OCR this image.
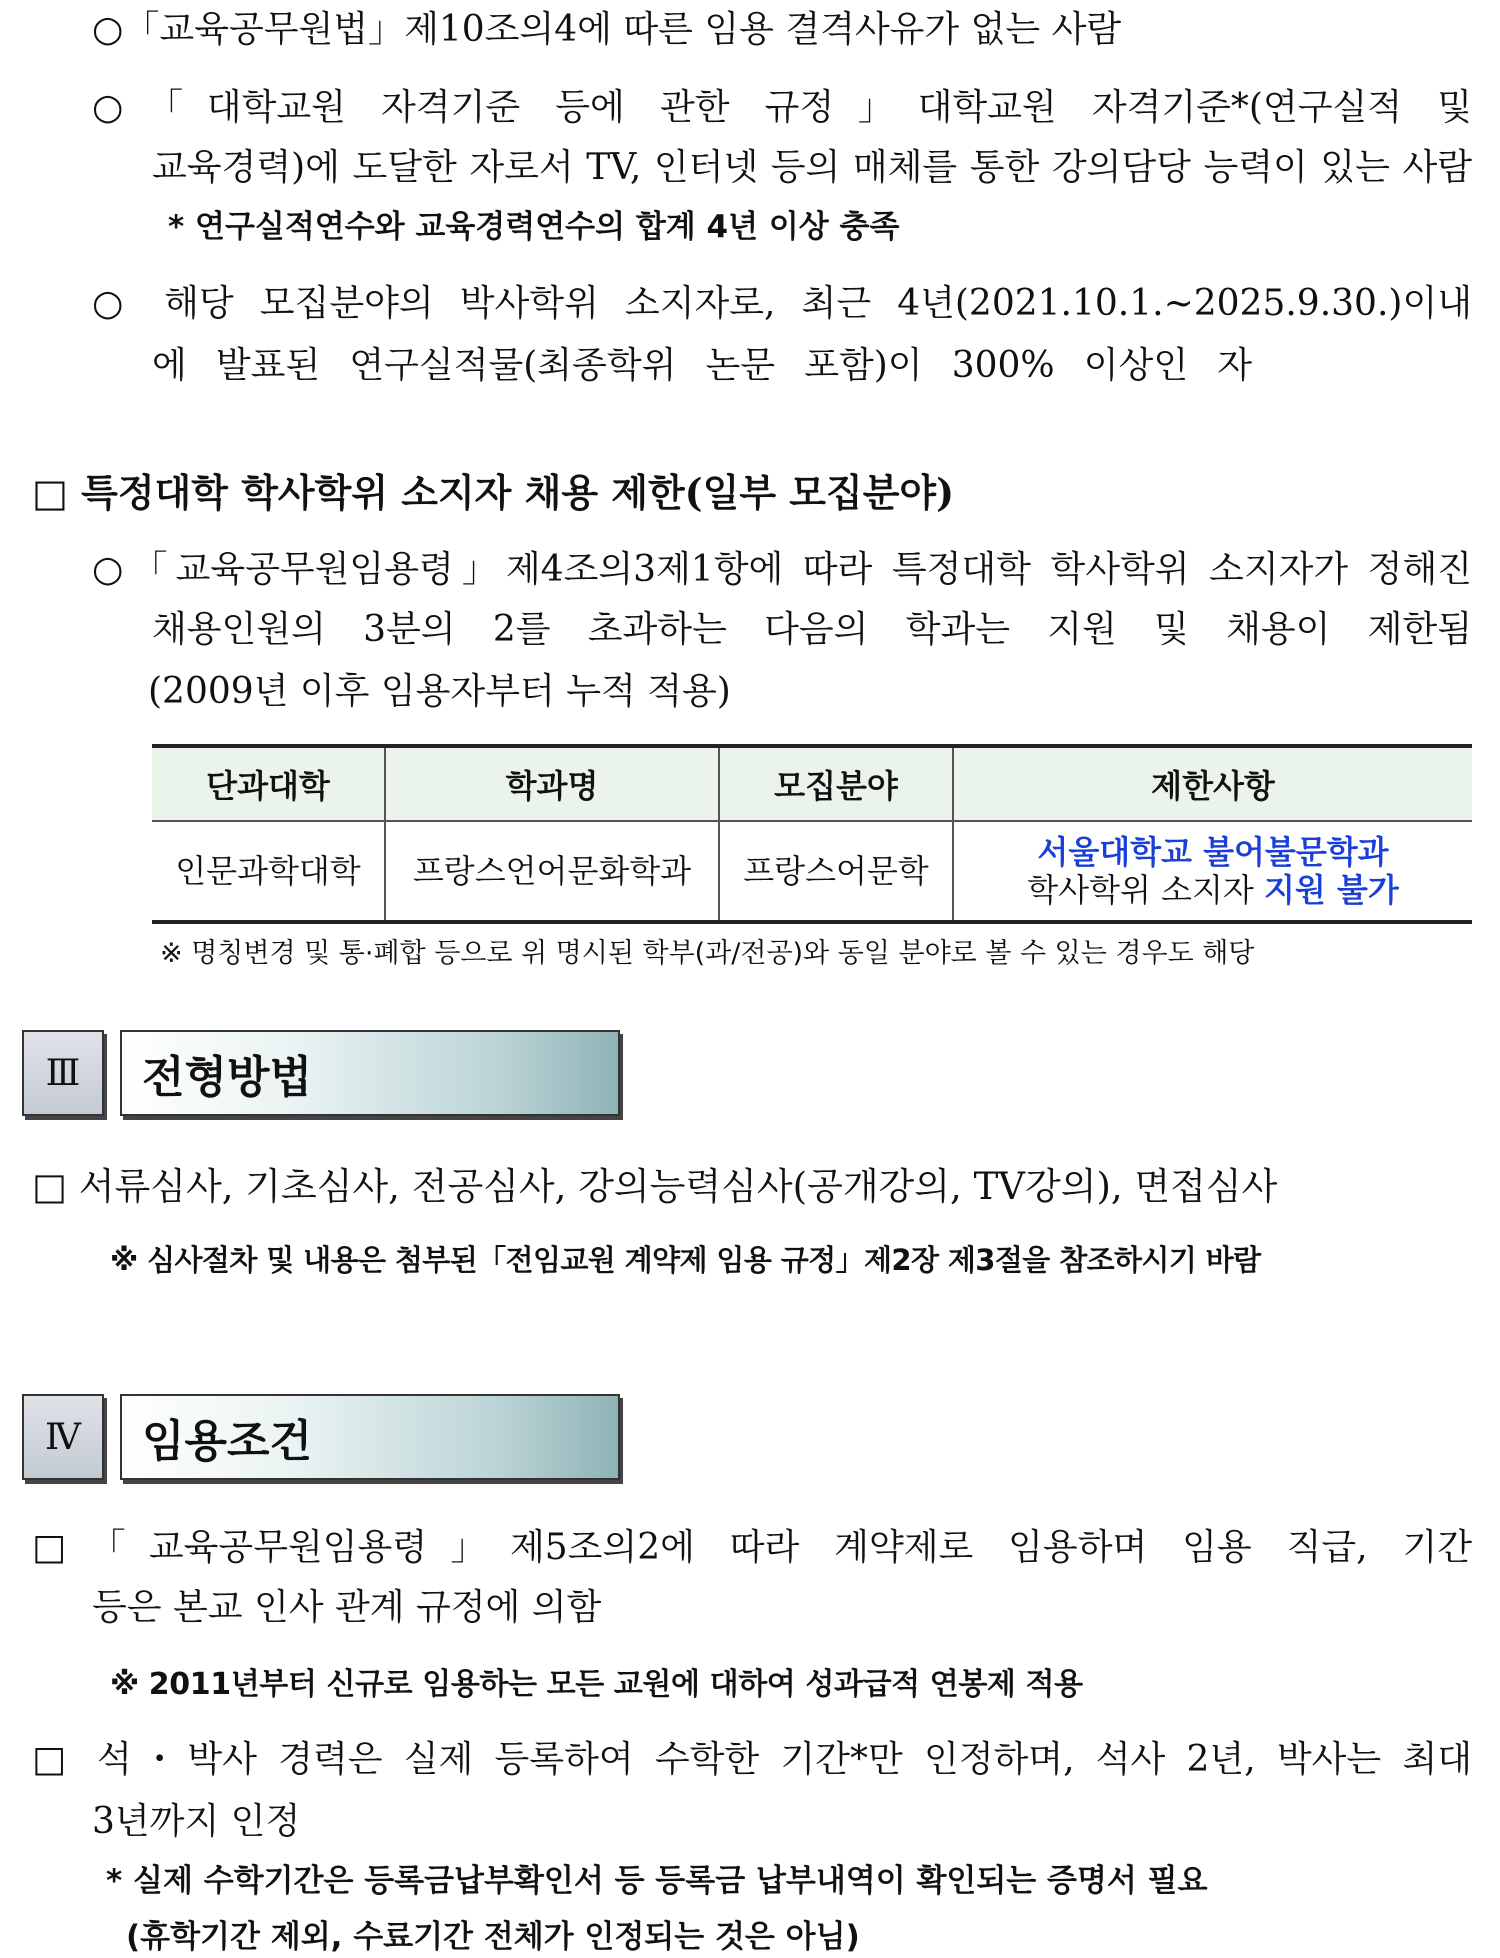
○「교육공무원법」제10조의4에 따른 임용 결격사유가 없는 사람
○「대학교원 자격기준 등에 관한 규정」대학교원 자격기준*(연구실적 및
교육경력)에 도달한 자로서 TV, 인터넷 등의 매체를 통한 강의담당 능력이 있는 사람
* 연구실적연수와 교육경력연수의 합계 4년 이상 충족
○ 해당 모집분야의 박사학위 소지자로, 최근 4년(2021.10.1.~2025.9.30.)이내
에 발표된 연구실적물(최종학위 논문 포함)이 300% 이상인 자
□ 특정대학 학사학위 소지자 채용 제한(일부 모집분야)
○「교육공무원임용령」제4조의3제1항에 따라 특정대학 학사학위 소지자가 정해진
채용인원의 3분의 2를 초과하는 다음의 학과는 지원 및 채용이 제한됨
(2009년 이후 임용자부터 누적 적용)
단과대학	학과명	모집분야	제한사항
인문과학대학	프랑스언어문화학과	프랑스어문학	서울대학교 불어불문학과
학사학위 소지자 지원 불가
※ 명칭변경 및 통·폐합 등으로 위 명시된 학부(과/전공)와 동일 분야로 볼 수 있는 경우도 해당
Ⅲ	전형방법
□ 서류심사, 기초심사, 전공심사, 강의능력심사(공개강의, TV강의), 면접심사
※ 심사절차 및 내용은 첨부된「전임교원 계약제 임용 규정」제2장 제3절을 참조하시기 바람
Ⅳ	임용조건
□「교육공무원임용령」제5조의2에 따라 계약제로 임용하며 임용 직급, 기간
등은 본교 인사 관계 규정에 의함
※ 2011년부터 신규로 임용하는 모든 교원에 대하여 성과급적 연봉제 적용
□ 석・박사 경력은 실제 등록하여 수학한 기간*만 인정하며, 석사 2년, 박사는 최대
3년까지 인정
* 실제 수학기간은 등록금납부확인서 등 등록금 납부내역이 확인되는 증명서 필요
(휴학기간 제외, 수료기간 전체가 인정되는 것은 아님)
